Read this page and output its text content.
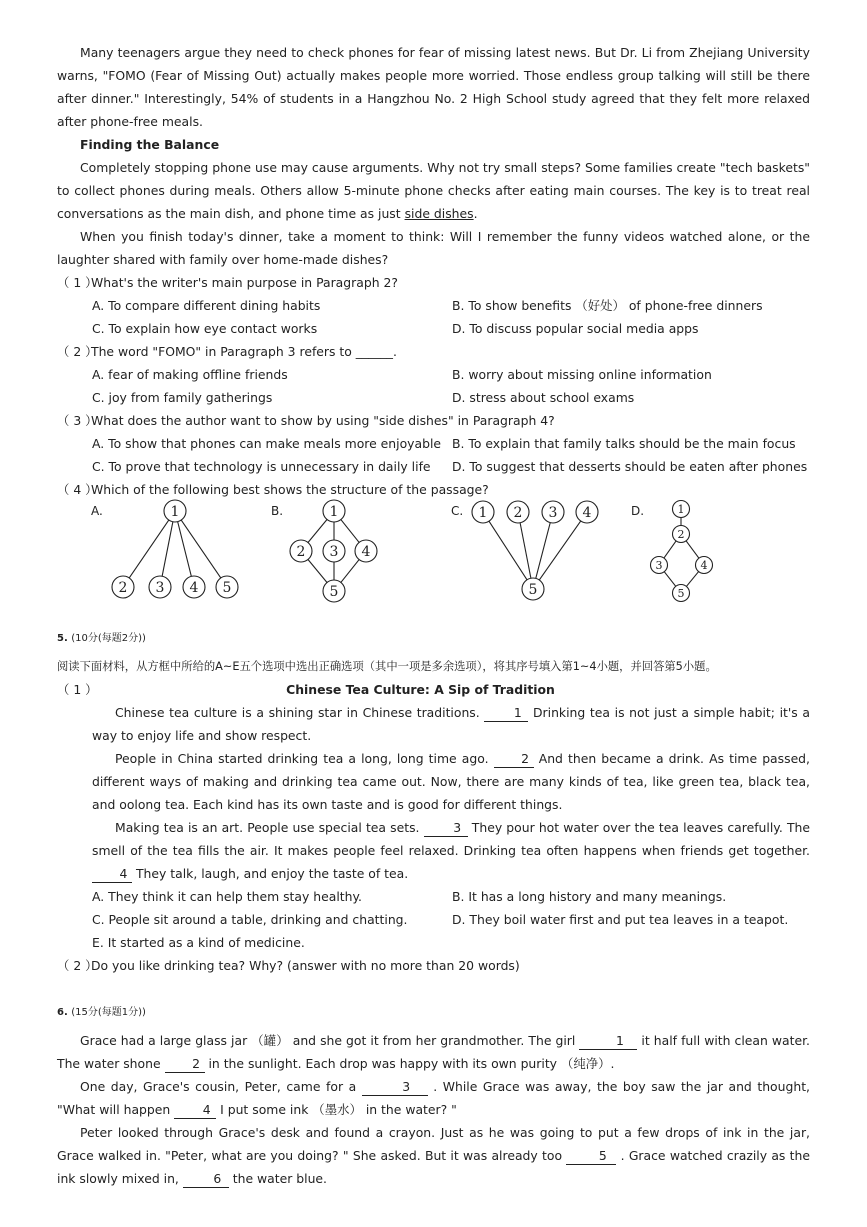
Many teenagers argue they need to check phones for fear of missing latest news. But Dr. Li from Zhejiang University warns, "FOMO (Fear of Missing Out) actually makes people more worried. Those endless group talking will still be there after dinner." Interestingly, 54% of students in a Hangzhou No. 2 High School study agreed that they felt more relaxed after phone-free meals.

Finding the Balance

Completely stopping phone use may cause arguments. Why not try small steps? Some families create "tech baskets" to collect phones during meals. Others allow 5-minute phone checks after eating main courses. The key is to treat real conversations as the main dish, and phone time as just side dishes.

When you finish today's dinner, take a moment to think: Will I remember the funny videos watched alone, or the laughter shared with family over home-made dishes?

（ 1 ）
What's the writer's main purpose in Paragraph 2?
A. To compare different dining habits	B. To show benefits （好处） of phone-free dinners
C. To explain how eye contact works	D. To discuss popular social media apps
（ 2 ）
The word "FOMO" in Paragraph 3 refers to ______.
A. fear of making offline friends	B. worry about missing online information
C. joy from family gatherings	D. stress about school exams
（ 3 ）
What does the author want to show by using "side dishes" in Paragraph 4?
A. To show that phones can make meals more enjoyable B. To explain that family talks should be the main focus
C. To prove that technology is unnecessary in daily life	D. To suggest that desserts should be eaten after phones
（ 4 ）
Which of the following best shows the structure of the passage?
A.	1
2 3 4 5
B.	1
2 3 4
5
C. 1 2 3 4
5
D.	1
2
3	4
5
5. (10分(每题2分))

阅读下面材料，从方框中所给的A~E五个选项中选出正确选项（其中一项是多余选项），将其序号填入第1~4小题，并回答第5小题。

（ 1 ）	Chinese Tea Culture: A Sip of Tradition

Chinese tea culture is a shining star in Chinese traditions. 1 Drinking tea is not just a simple habit; it's a way to enjoy life and show respect.

People in China started drinking tea a long, long time ago. 2 And then became a drink. As time passed, different ways of making and drinking tea came out. Now, there are many kinds of tea, like green tea, black tea, and oolong tea. Each kind has its own taste and is good for different things.

Making tea is an art. People use special tea sets. 3 They pour hot water over the tea leaves carefully. The smell of the tea fills the air. It makes people feel relaxed. Drinking tea often happens when friends get together. 4 They talk, laugh, and enjoy the taste of tea.

A. They think it can help them stay healthy.	B. It has a long history and many meanings.
C. People sit around a table, drinking and chatting.	D. They boil water first and put tea leaves in a teapot.
E. It started as a kind of medicine.
（ 2 ）
Do you like drinking tea? Why? (answer with no more than 20 words)
6. (15分(每题1分))

Grace had a large glass jar （罐） and she got it from her grandmother. The girl	1 it half full with clean water. The water shone 2 in the sunlight. Each drop was happy with its own purity （纯净）.

One day, Grace's cousin, Peter, came for a	3 . While Grace was away, the boy saw the jar and thought, "What will happen 4 I put some ink （墨水） in the water? "

Peter looked through Grace's desk and found a crayon. Just as he was going to put a few drops of ink in the jar, Grace walked in. "Peter, what are you doing? " She asked. But it was already too	5 . Grace watched crazily as the ink slowly mixed in, 6 the water blue.
